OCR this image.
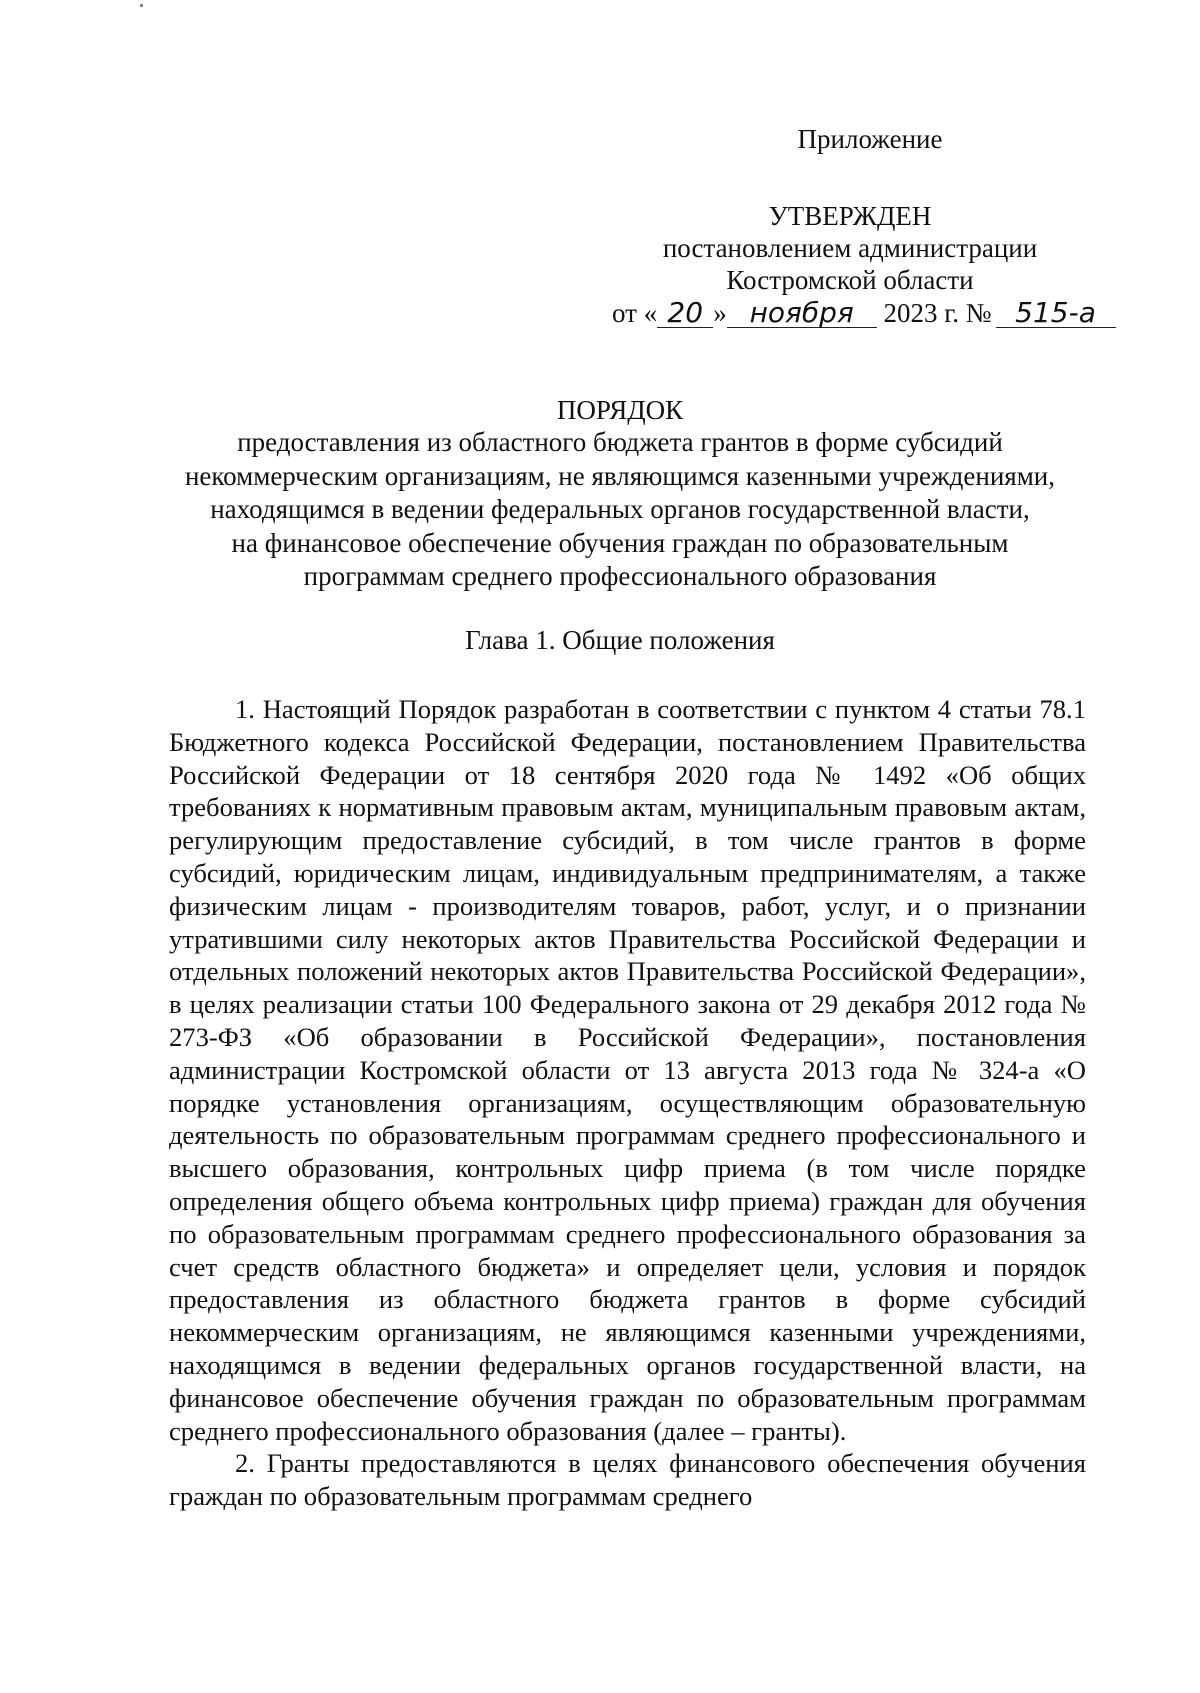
Приложение
УТВЕРЖДЕН
постановлением администрации
Костромской области
от « 20 » ноября 2023 г. № 515-а
ПОРЯДОК
предоставления из областного бюджета грантов в форме субсидий
некоммерческим организациям, не являющимся казенными учреждениями,
находящимся в ведении федеральных органов государственной власти,
на финансовое обеспечение обучения граждан по образовательным
программам среднего профессионального образования
Глава 1. Общие положения

1. Настоящий Порядок разработан в соответствии с пунктом 4 статьи 78.1 Бюджетного кодекса Российской Федерации, постановлением Правительства Российской Федерации от 18 сентября 2020 года № 1492 «Об общих требованиях к нормативным правовым актам, муниципальным правовым актам, регулирующим предоставление субсидий, в том числе грантов в форме субсидий, юридическим лицам, индивидуальным предпринимателям, а также физическим лицам - производителям товаров, работ, услуг, и о признании утратившими силу некоторых актов Правительства Российской Федерации и отдельных положений некоторых актов Правительства Российской Федерации», в целях реализации статьи 100 Федерального закона от 29 декабря 2012 года № 273-ФЗ «Об образовании в Российской Федерации», постановления администрации Костромской области от 13 августа 2013 года № 324-а «О порядке установления организациям, осуществляющим образовательную деятельность по образовательным программам среднего профессионального и высшего образования, контрольных цифр приема (в том числе порядке определения общего объема контрольных цифр приема) граждан для обучения по образовательным программам среднего профессионального образования за счет средств областного бюджета» и определяет цели, условия и порядок предоставления из областного бюджета грантов в форме субсидий некоммерческим организациям, не являющимся казенными учреждениями, находящимся в ведении федеральных органов государственной власти, на финансовое обеспечение обучения граждан по образовательным программам среднего профессионального образования (далее – гранты).

2. Гранты предоставляются в целях финансового обеспечения обучения граждан по образовательным программам среднего
